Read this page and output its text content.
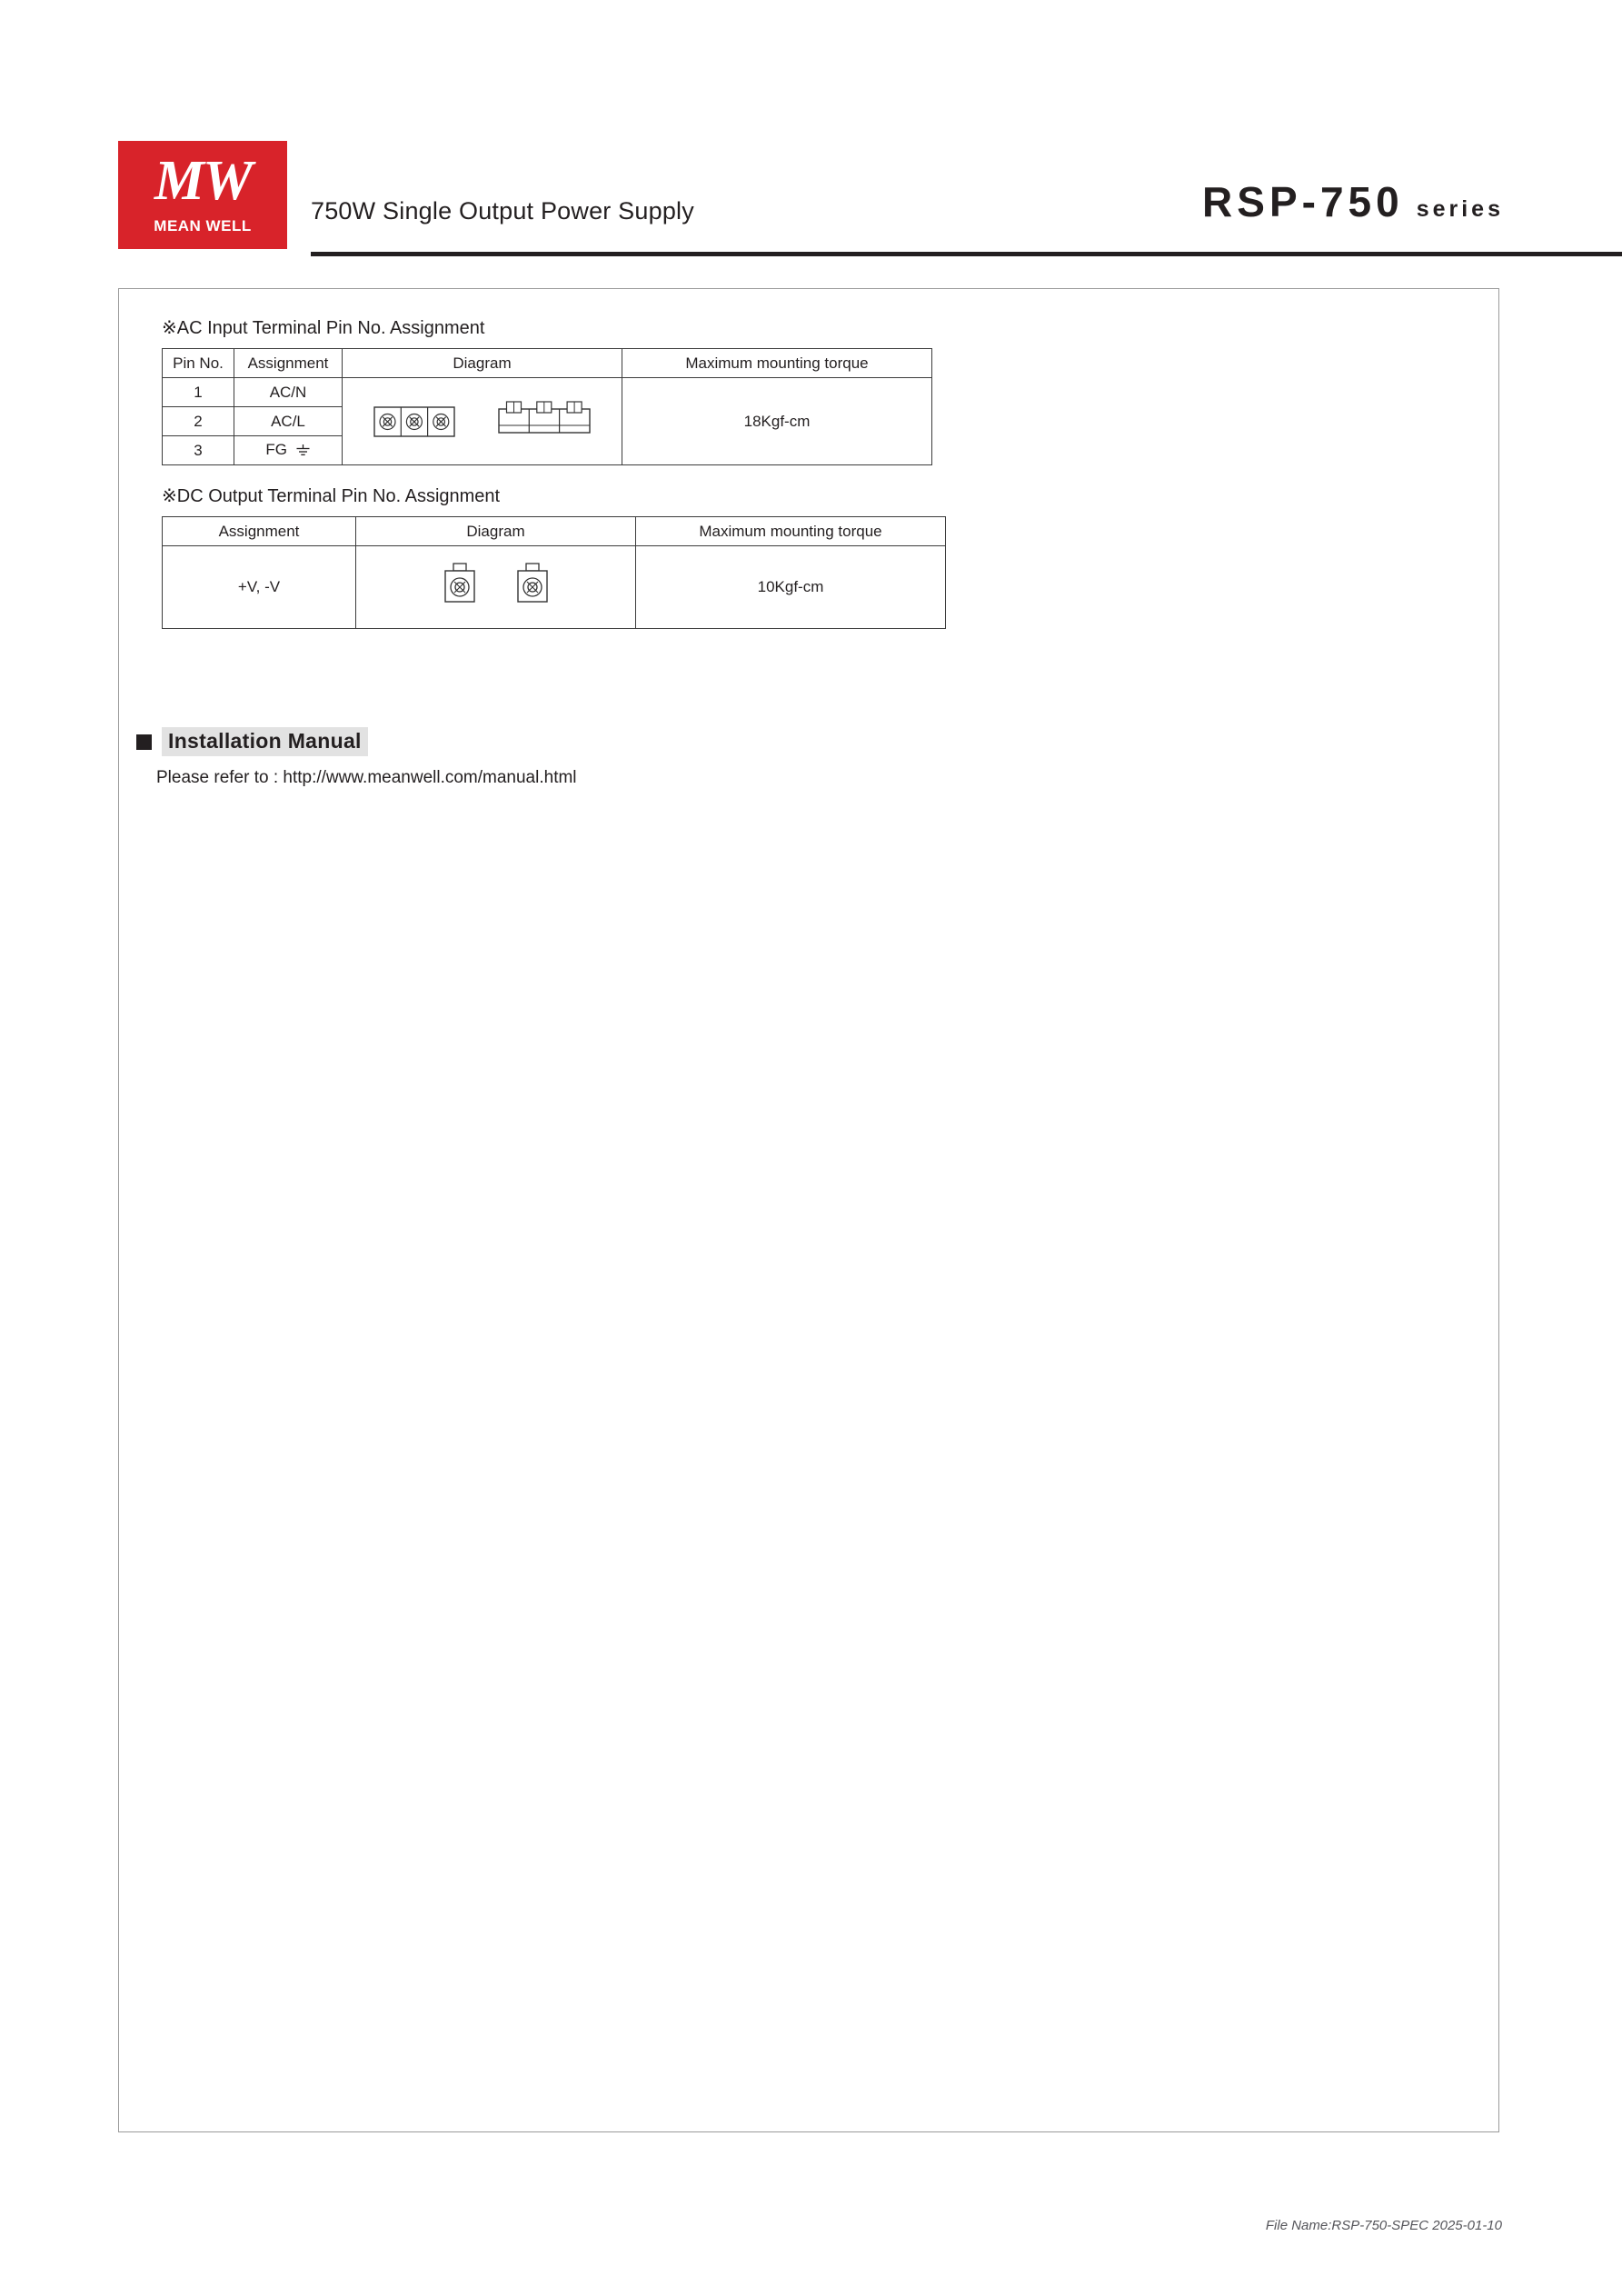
MW
MEAN WELL
750W Single Output Power Supply	RSP-750 series
※AC Input Terminal Pin No. Assignment
Pin No.	Assignment	Diagram	Maximum mounting torque
1	AC/N		18Kgf-cm
2	AC/L		
3	FG		
※DC Output Terminal Pin No. Assignment
Assignment	Diagram	Maximum mounting torque
+V, -V		10Kgf-cm
Installation Manual
Please refer to : http://www.meanwell.com/manual.html
File Name:RSP-750-SPEC 2025-01-10
